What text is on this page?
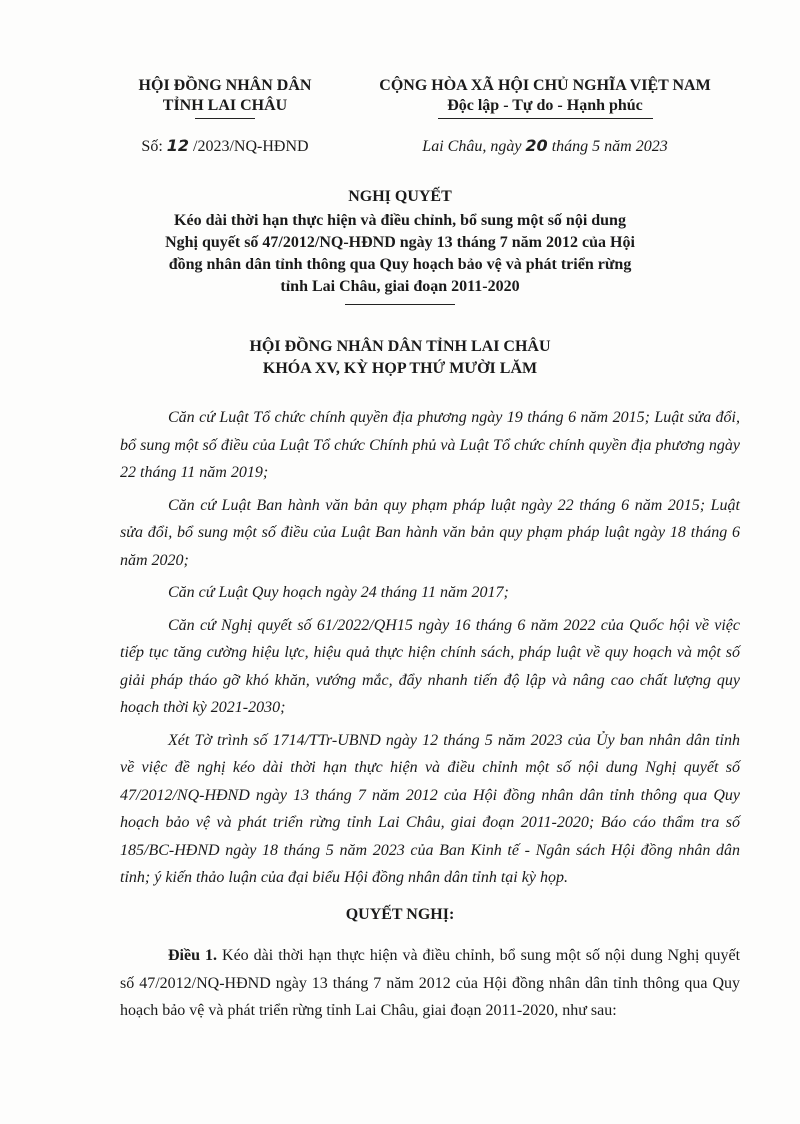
HỘI ĐỒNG NHÂN DÂN
TỈNH LAI CHÂU
CỘNG HÒA XÃ HỘI CHỦ NGHĨA VIỆT NAM
Độc lập - Tự do - Hạnh phúc
Số: 12 /2023/NQ-HĐND	Lai Châu, ngày 20 tháng 5 năm 2023
NGHỊ QUYẾT
Kéo dài thời hạn thực hiện và điều chỉnh, bổ sung một số nội dung
Nghị quyết số 47/2012/NQ-HĐND ngày 13 tháng 7 năm 2012 của Hội
đồng nhân dân tỉnh thông qua Quy hoạch bảo vệ và phát triển rừng
tỉnh Lai Châu, giai đoạn 2011-2020
HỘI ĐỒNG NHÂN DÂN TỈNH LAI CHÂU
KHÓA XV, KỲ HỌP THỨ MƯỜI LĂM

Căn cứ Luật Tổ chức chính quyền địa phương ngày 19 tháng 6 năm 2015; Luật sửa đổi, bổ sung một số điều của Luật Tổ chức Chính phủ và Luật Tổ chức chính quyền địa phương ngày 22 tháng 11 năm 2019;

Căn cứ Luật Ban hành văn bản quy phạm pháp luật ngày 22 tháng 6 năm 2015; Luật sửa đổi, bổ sung một số điều của Luật Ban hành văn bản quy phạm pháp luật ngày 18 tháng 6 năm 2020;

Căn cứ Luật Quy hoạch ngày 24 tháng 11 năm 2017;

Căn cứ Nghị quyết số 61/2022/QH15 ngày 16 tháng 6 năm 2022 của Quốc hội về việc tiếp tục tăng cường hiệu lực, hiệu quả thực hiện chính sách, pháp luật về quy hoạch và một số giải pháp tháo gỡ khó khăn, vướng mắc, đẩy nhanh tiến độ lập và nâng cao chất lượng quy hoạch thời kỳ 2021-2030;

Xét Tờ trình số 1714/TTr-UBND ngày 12 tháng 5 năm 2023 của Ủy ban nhân dân tỉnh về việc đề nghị kéo dài thời hạn thực hiện và điều chỉnh một số nội dung Nghị quyết số 47/2012/NQ-HĐND ngày 13 tháng 7 năm 2012 của Hội đồng nhân dân tỉnh thông qua Quy hoạch bảo vệ và phát triển rừng tỉnh Lai Châu, giai đoạn 2011-2020; Báo cáo thẩm tra số 185/BC-HĐND ngày 18 tháng 5 năm 2023 của Ban Kinh tế - Ngân sách Hội đồng nhân dân tỉnh; ý kiến thảo luận của đại biểu Hội đồng nhân dân tỉnh tại kỳ họp.

QUYẾT NGHỊ:

Điều 1. Kéo dài thời hạn thực hiện và điều chỉnh, bổ sung một số nội dung Nghị quyết số 47/2012/NQ-HĐND ngày 13 tháng 7 năm 2012 của Hội đồng nhân dân tỉnh thông qua Quy hoạch bảo vệ và phát triển rừng tỉnh Lai Châu, giai đoạn 2011-2020, như sau:
